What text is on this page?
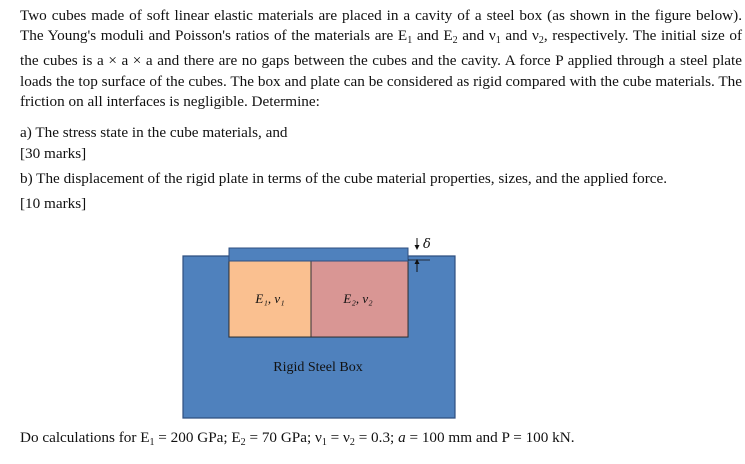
Two cubes made of soft linear elastic materials are placed in a cavity of a steel box (as shown in the figure below). The Young's moduli and Poisson's ratios of the materials are $E_1$ and $E_2$ and $\nu_1$ and $\nu_2$, respectively. The initial size of the cubes is a × a × a and there are no gaps between the cubes and the cavity. A force P applied through a steel plate loads the top surface of the cubes. The box and plate can be considered as rigid compared with the cube materials. The friction on all interfaces is negligible. Determine:

a) The stress state in the cube materials, and
[30 marks]
b) The displacement of the rigid plate in terms of the cube material properties, sizes, and the applied force.
[10 marks]
E₁, ν₁	E₂, ν₂
Rigid Steel Box
δ
Do calculations for $E_1 = 200$ GPa; $E_2 = 70$ GPa; $\nu_1 = \nu_2 = 0.3$; a = 100 mm and P = 100 kN.
